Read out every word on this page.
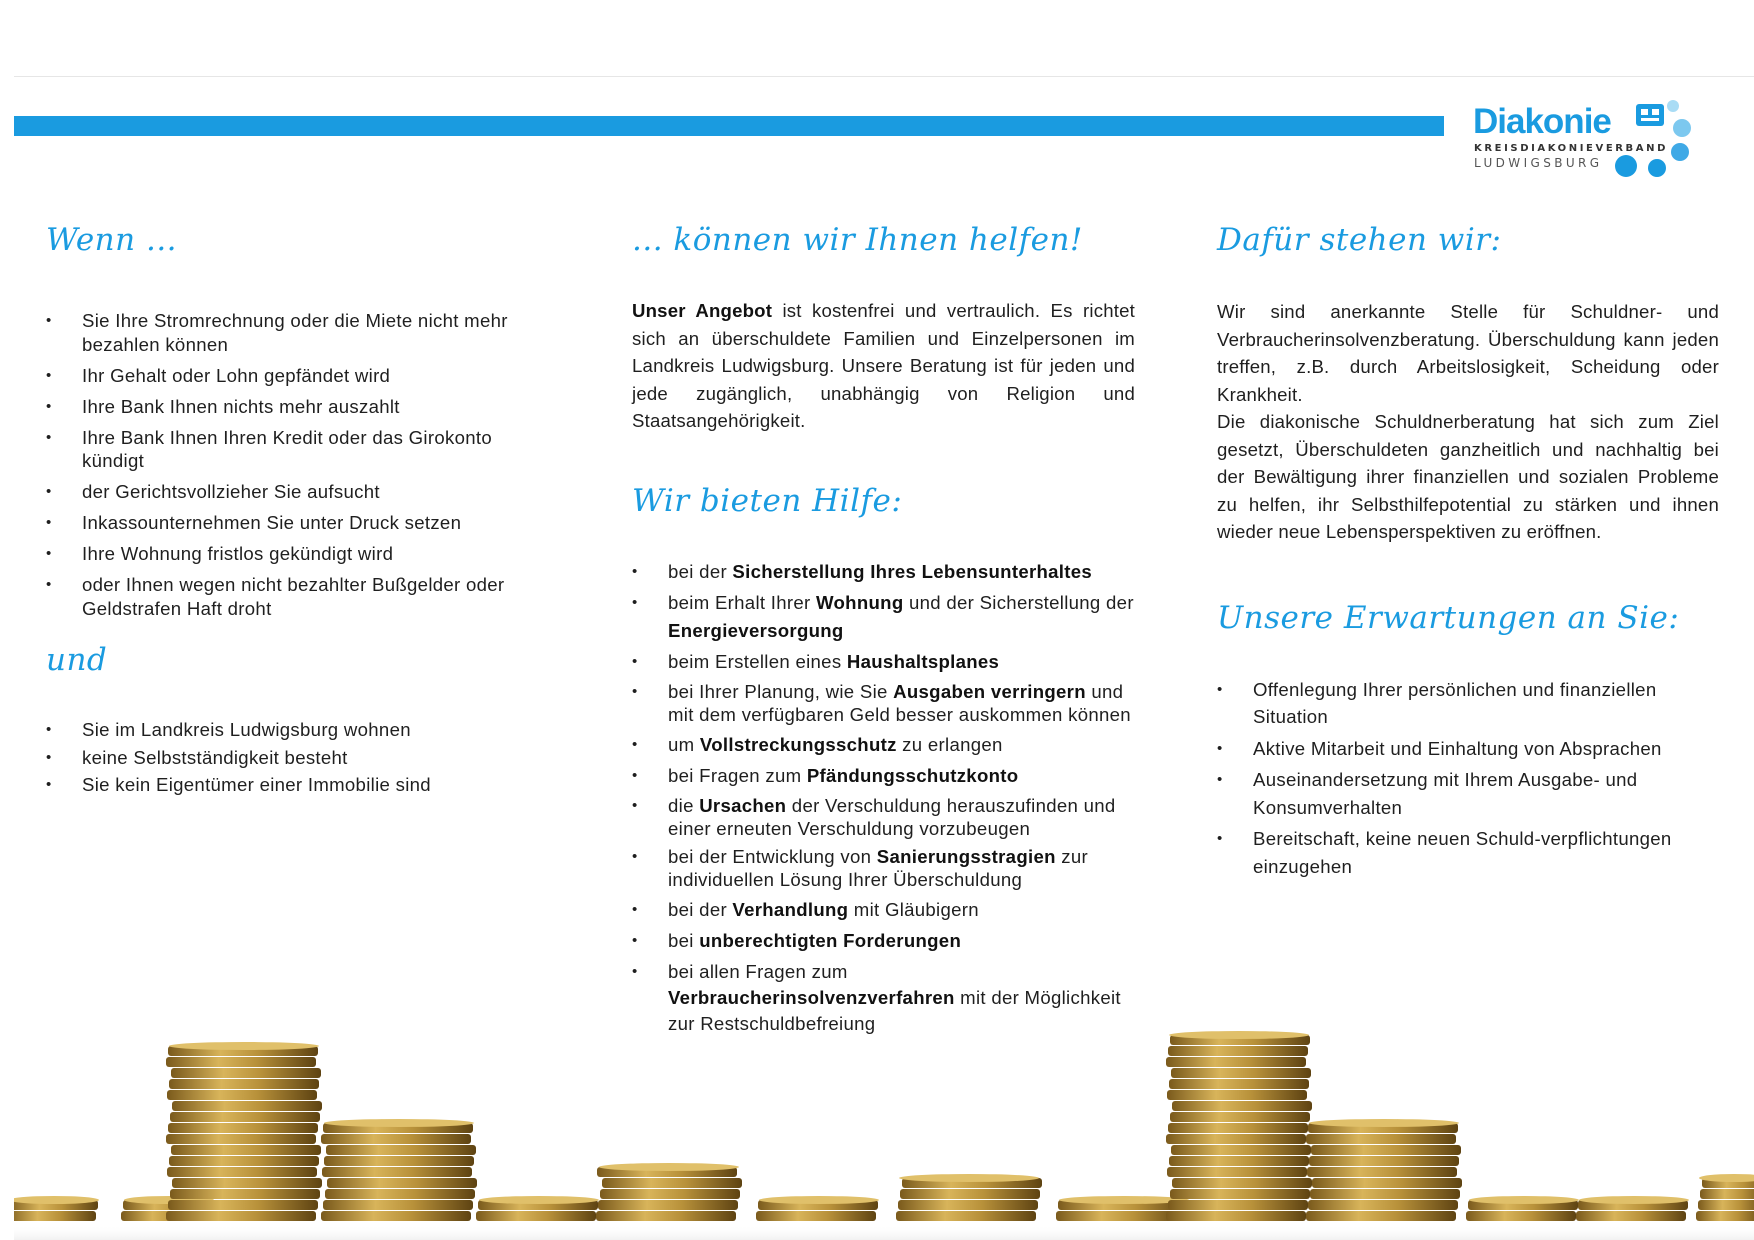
Diakonie
KREISDIAKONIEVERBAND
LUDWIGSBURG
Wenn ...
• Sie Ihre Stromrechnung oder die Miete nicht mehr bezahlen können
• Ihr Gehalt oder Lohn gepfändet wird
• Ihre Bank Ihnen nichts mehr auszahlt
• Ihre Bank Ihnen Ihren Kredit oder das Girokonto kündigt
• der Gerichtsvollzieher Sie aufsucht
• Inkassounternehmen Sie unter Druck setzen
• Ihre Wohnung fristlos gekündigt wird
• oder Ihnen wegen nicht bezahlter Bußgelder oder Geldstrafen Haft droht
und
• Sie im Landkreis Ludwigsburg wohnen
• keine Selbstständigkeit besteht
• Sie kein Eigentümer einer Immobilie sind
... können wir Ihnen helfen!

Unser Angebot ist kostenfrei und vertraulich. Es richtet sich an überschuldete Familien und Einzelpersonen im Landkreis Ludwigsburg. Unsere Beratung ist für jeden und jede zugänglich, unabhängig von Religion und Staatsangehörigkeit.

Wir bieten Hilfe:
• bei der Sicherstellung Ihres Lebensunterhaltes
• beim Erhalt Ihrer Wohnung und der Sicherstellung der Energieversorgung
• beim Erstellen eines Haushaltsplanes
• bei Ihrer Planung, wie Sie Ausgaben verringern und mit dem verfügbaren Geld besser auskommen können
• um Vollstreckungsschutz zu erlangen
• bei Fragen zum Pfändungsschutzkonto
• die Ursachen der Verschuldung herauszufinden und einer erneuten Verschuldung vorzubeugen
• bei der Entwicklung von Sanierungsstragien zur individuellen Lösung Ihrer Überschuldung
• bei der Verhandlung mit Gläubigern
• bei unberechtigten Forderungen
• bei allen Fragen zum Verbraucherinsolvenzverfahren mit der Möglichkeit zur Restschuldbefreiung
Dafür stehen wir:

Wir sind anerkannte Stelle für Schuldner- und Verbraucherinsolvenzberatung. Überschuldung kann jeden treffen, z.B. durch Arbeitslosigkeit, Scheidung oder Krankheit.

Die diakonische Schuldnerberatung hat sich zum Ziel gesetzt, Überschuldeten ganzheitlich und nachhaltig bei der Bewältigung ihrer finanziellen und sozialen Probleme zu helfen, ihr Selbsthilfepotential zu stärken und ihnen wieder neue Lebensperspektiven zu eröffnen.

Unsere Erwartungen an Sie:
• Offenlegung Ihrer persönlichen und finanziellen Situation
• Aktive Mitarbeit und Einhaltung von Absprachen
• Auseinandersetzung mit Ihrem Ausgabe- und Konsumverhalten
• Bereitschaft, keine neuen Schuld-verpflichtungen einzugehen
